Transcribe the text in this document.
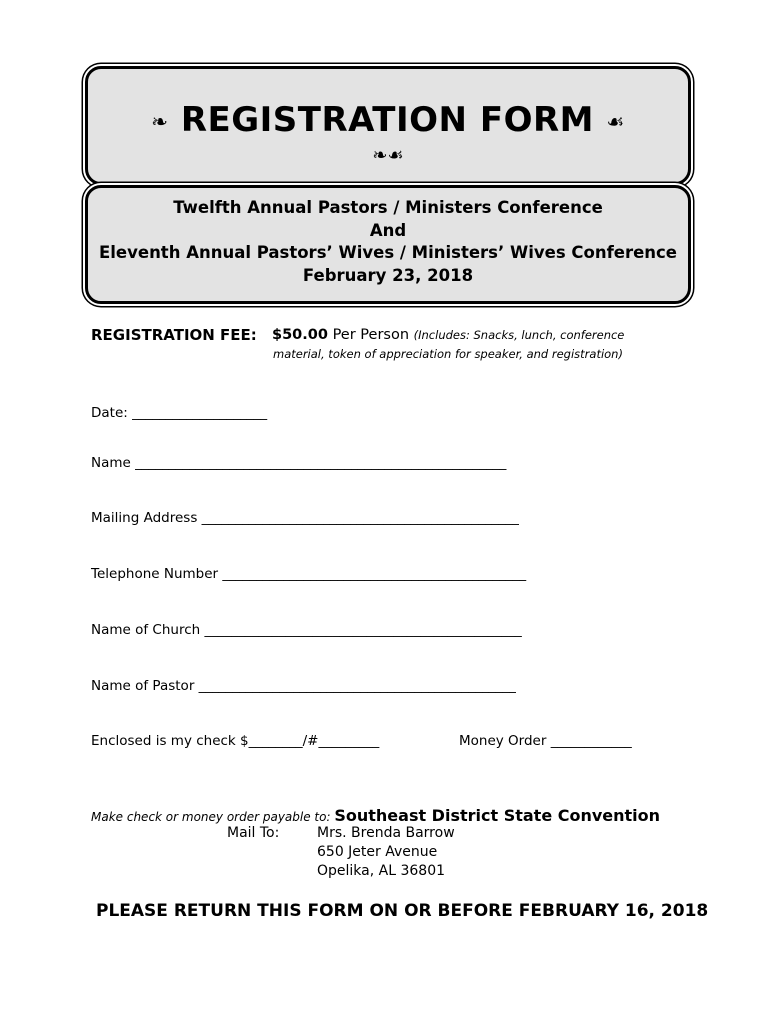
❧ REGISTRATION FORM ☙
❧☙
Twelfth Annual Pastors / Ministers Conference
And
Eleventh Annual Pastors’ Wives / Ministers’ Wives Conference
February 23, 2018
REGISTRATION FEE: $50.00 Per Person (Includes: Snacks, lunch, conference
material, token of appreciation for speaker, and registration)
Date: ____________________
Name _______________________________________________________
Mailing Address _______________________________________________
Telephone Number _____________________________________________
Name of Church _______________________________________________
Name of Pastor _______________________________________________
Enclosed is my check $________/#_________	Money Order ____________
Make check or money order payable to: Southeast District State Convention
Mail To:	Mrs. Brenda Barrow
650 Jeter Avenue
Opelika, AL 36801
PLEASE RETURN THIS FORM ON OR BEFORE FEBRUARY 16, 2018
